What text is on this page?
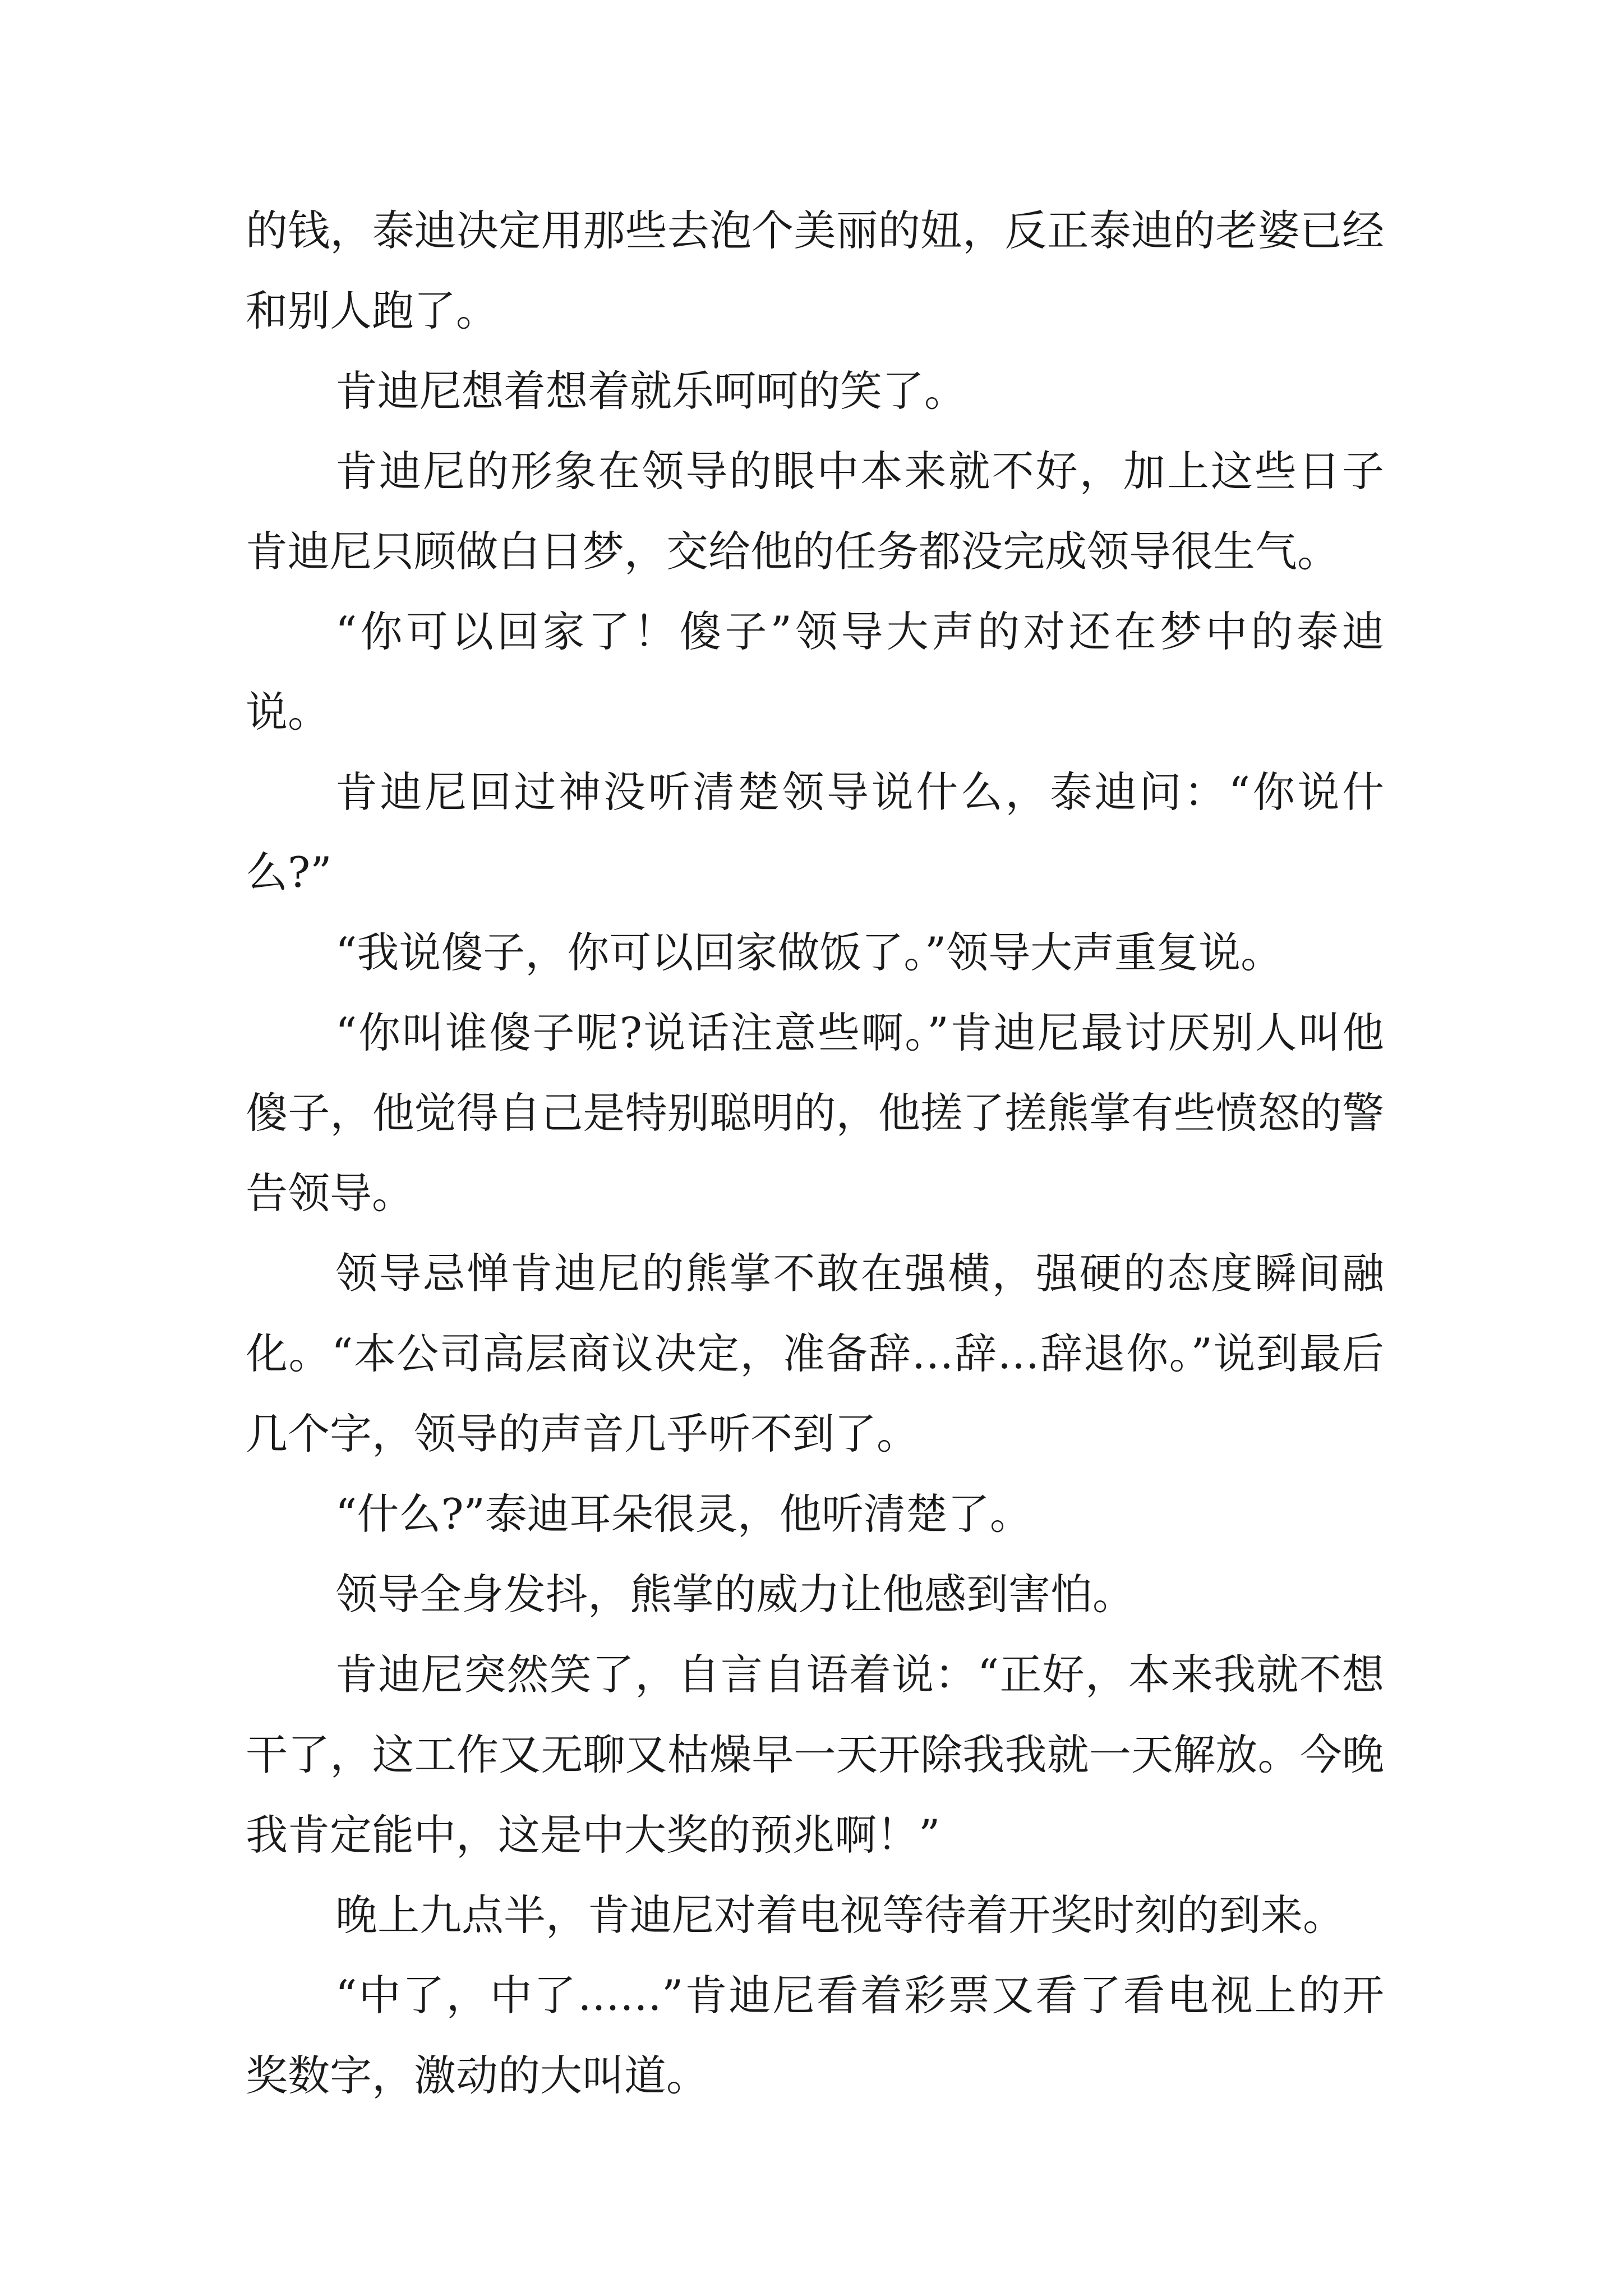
的钱，泰迪决定用那些去泡个美丽的妞，反正泰迪的老婆已经和别人跑了。

肯迪尼想着想着就乐呵呵的笑了。

肯迪尼的形象在领导的眼中本来就不好，加上这些日子肯迪尼只顾做白日梦，交给他的任务都没完成领导很生气。

“你可以回家了！傻子”领导大声的对还在梦中的泰迪说。

肯迪尼回过神没听清楚领导说什么，泰迪问：“你说什么?”

“我说傻子，你可以回家做饭了。”领导大声重复说。

“你叫谁傻子呢?说话注意些啊。”肯迪尼最讨厌别人叫他傻子，他觉得自己是特别聪明的，他搓了搓熊掌有些愤怒的警告领导。

领导忌惮肯迪尼的熊掌不敢在强横，强硬的态度瞬间融化。“本公司高层商议决定，准备辞…辞…辞退你。”说到最后几个字，领导的声音几乎听不到了。

“什么?”泰迪耳朵很灵，他听清楚了。

领导全身发抖，熊掌的威力让他感到害怕。

肯迪尼突然笑了，自言自语着说：“正好，本来我就不想干了，这工作又无聊又枯燥早一天开除我我就一天解放。今晚我肯定能中，这是中大奖的预兆啊！”

晚上九点半，肯迪尼对着电视等待着开奖时刻的到来。

“中了，中了……”肯迪尼看着彩票又看了看电视上的开奖数字，激动的大叫道。
